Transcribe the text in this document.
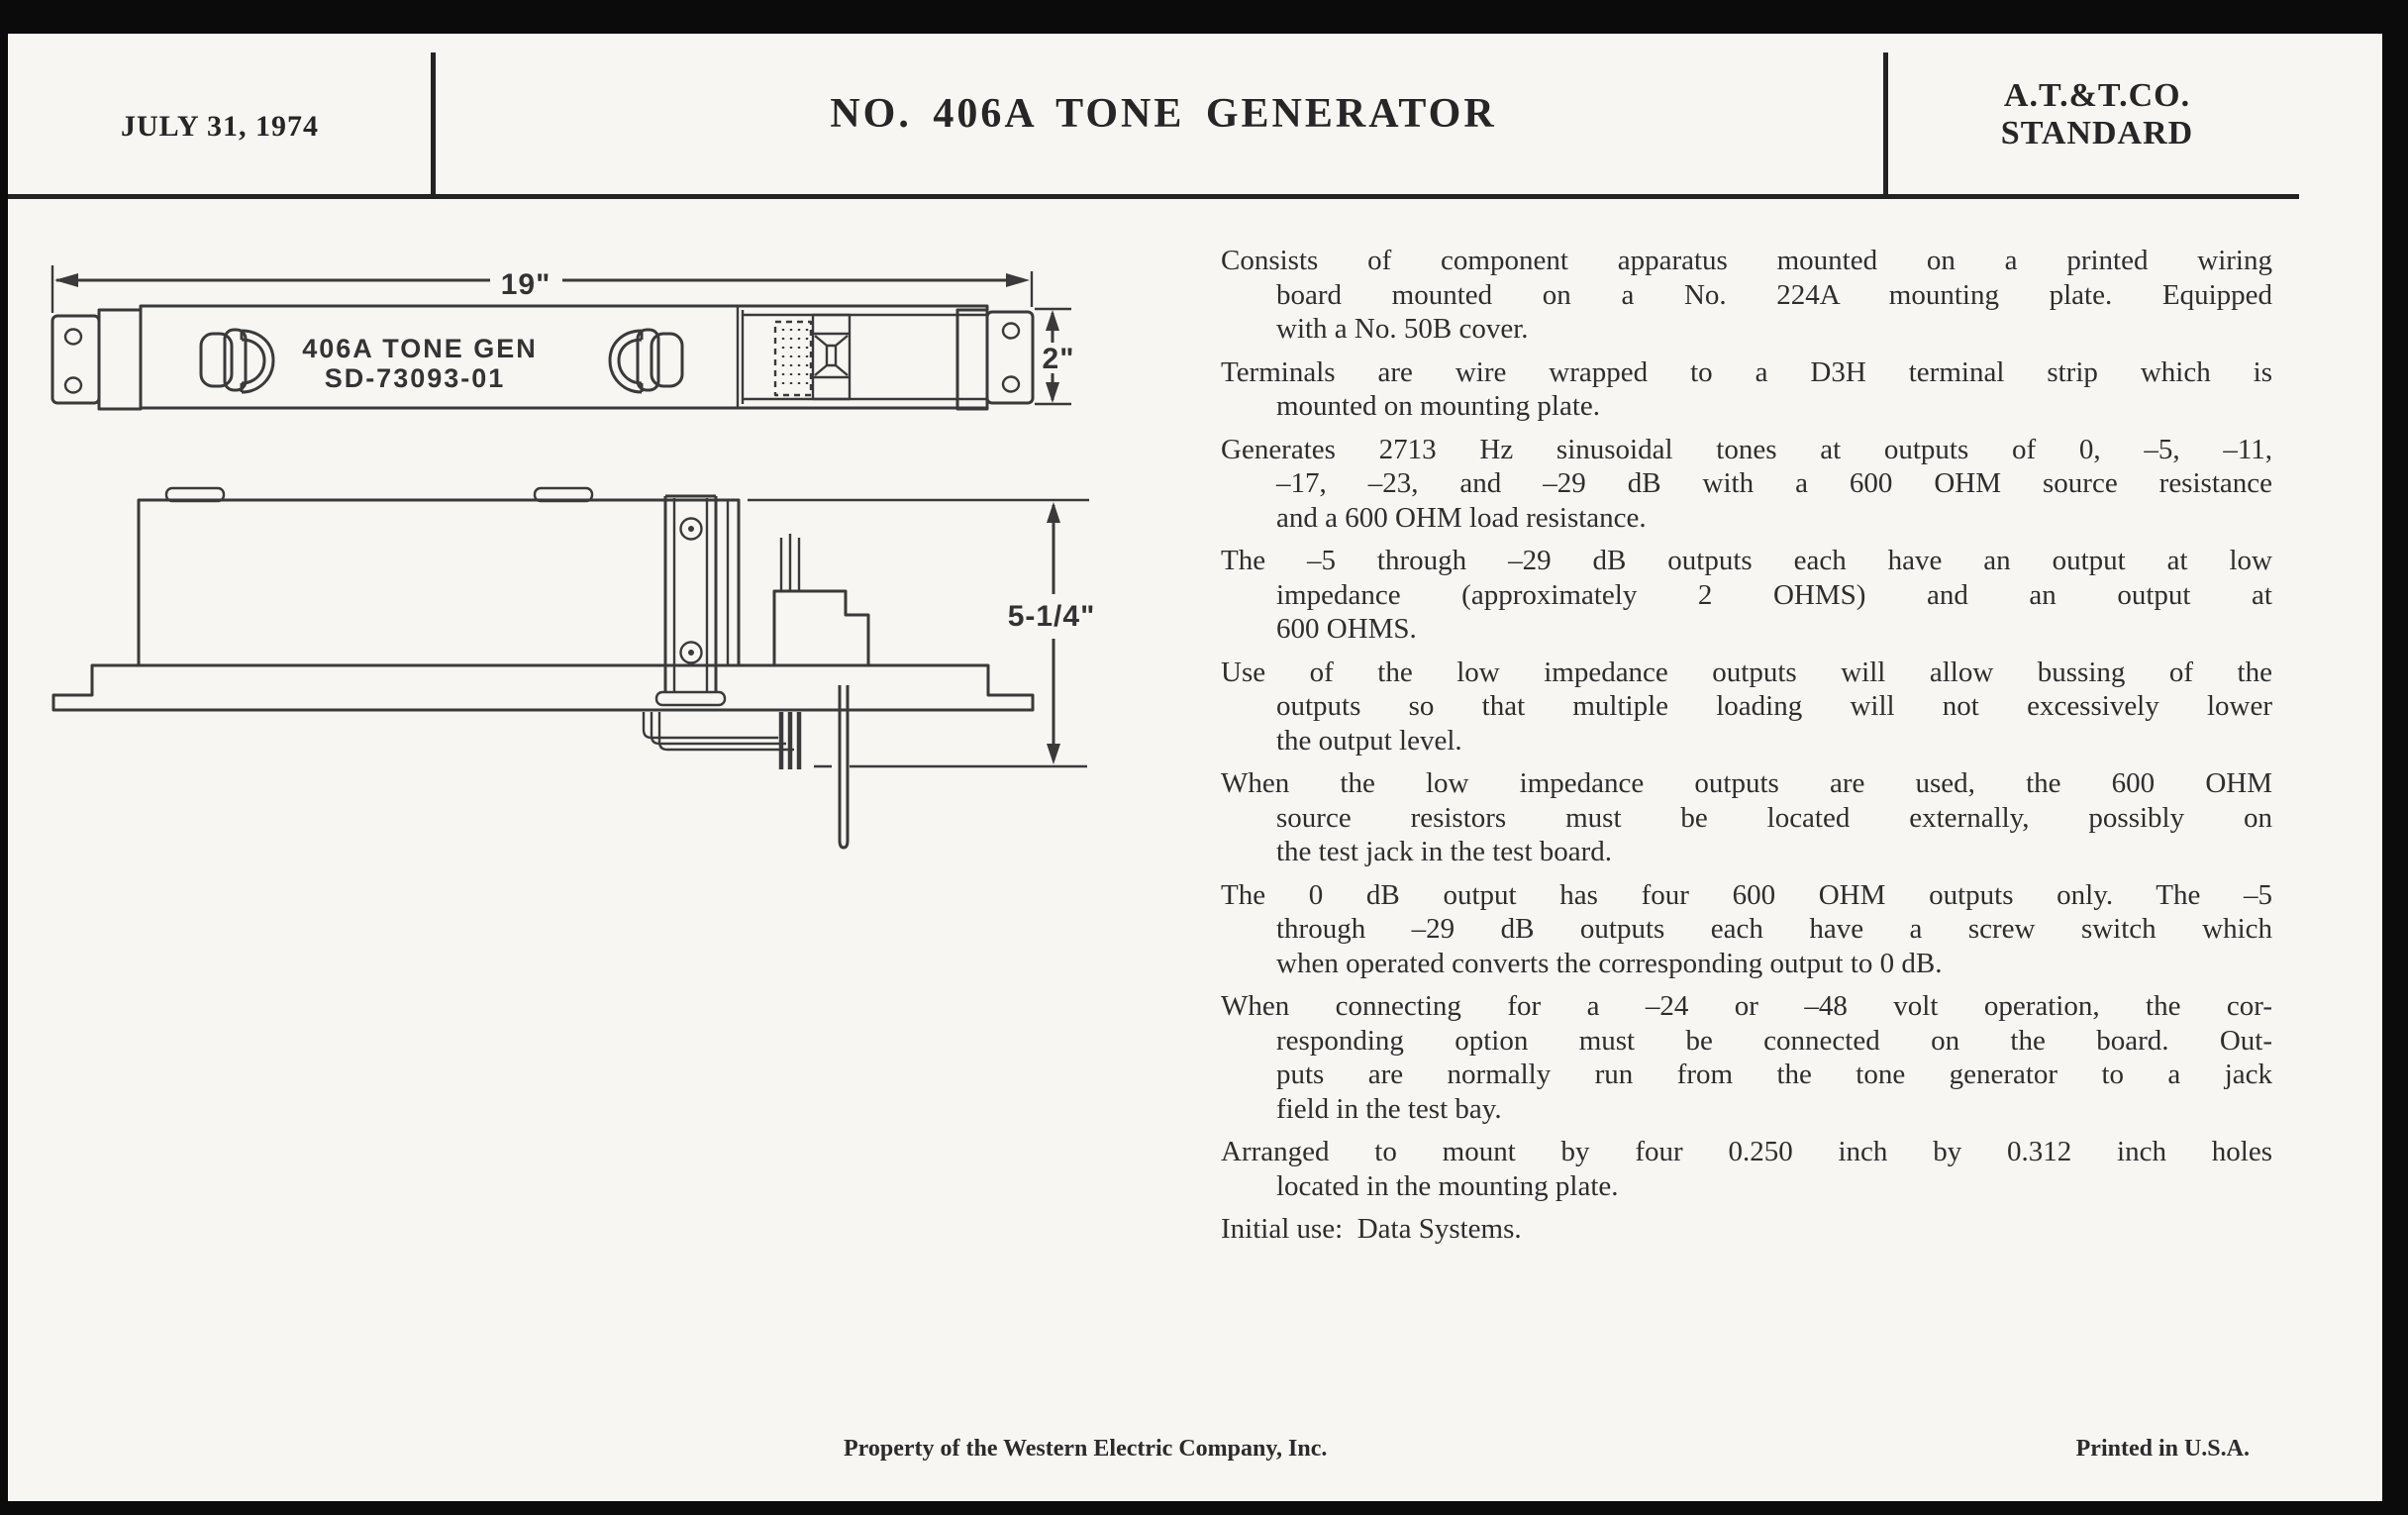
JULY 31, 1974	NO. 406A TONE GENERATOR	A.T.&T.CO.
STANDARD
19"
406A TONE GEN
SD-73093-01
2"
5-1/4"
Consists of component apparatus mounted on a printed wiring
board mounted on a No. 224A mounting plate. Equipped
with a No. 50B cover.
Terminals are wire wrapped to a D3H terminal strip which is
mounted on mounting plate.
Generates 2713 Hz sinusoidal tones at outputs of 0, –5, –11,
–17, –23, and –29 dB with a 600 OHM source resistance
and a 600 OHM load resistance.
The –5 through –29 dB outputs each have an output at low
impedance (approximately 2 OHMS) and an output at
600 OHMS.
Use of the low impedance outputs will allow bussing of the
outputs so that multiple loading will not excessively lower
the output level.
When the low impedance outputs are used, the 600 OHM
source resistors must be located externally, possibly on
the test jack in the test board.
The 0 dB output has four 600 OHM outputs only. The –5
through –29 dB outputs each have a screw switch which
when operated converts the corresponding output to 0 dB.
When connecting for a –24 or –48 volt operation, the cor-
responding option must be connected on the board. Out-
puts are normally run from the tone generator to a jack
field in the test bay.
Arranged to mount by four 0.250 inch by 0.312 inch holes
located in the mounting plate.
Initial use:  Data Systems.
Property of the Western Electric Company, Inc.	Printed in U.S.A.
